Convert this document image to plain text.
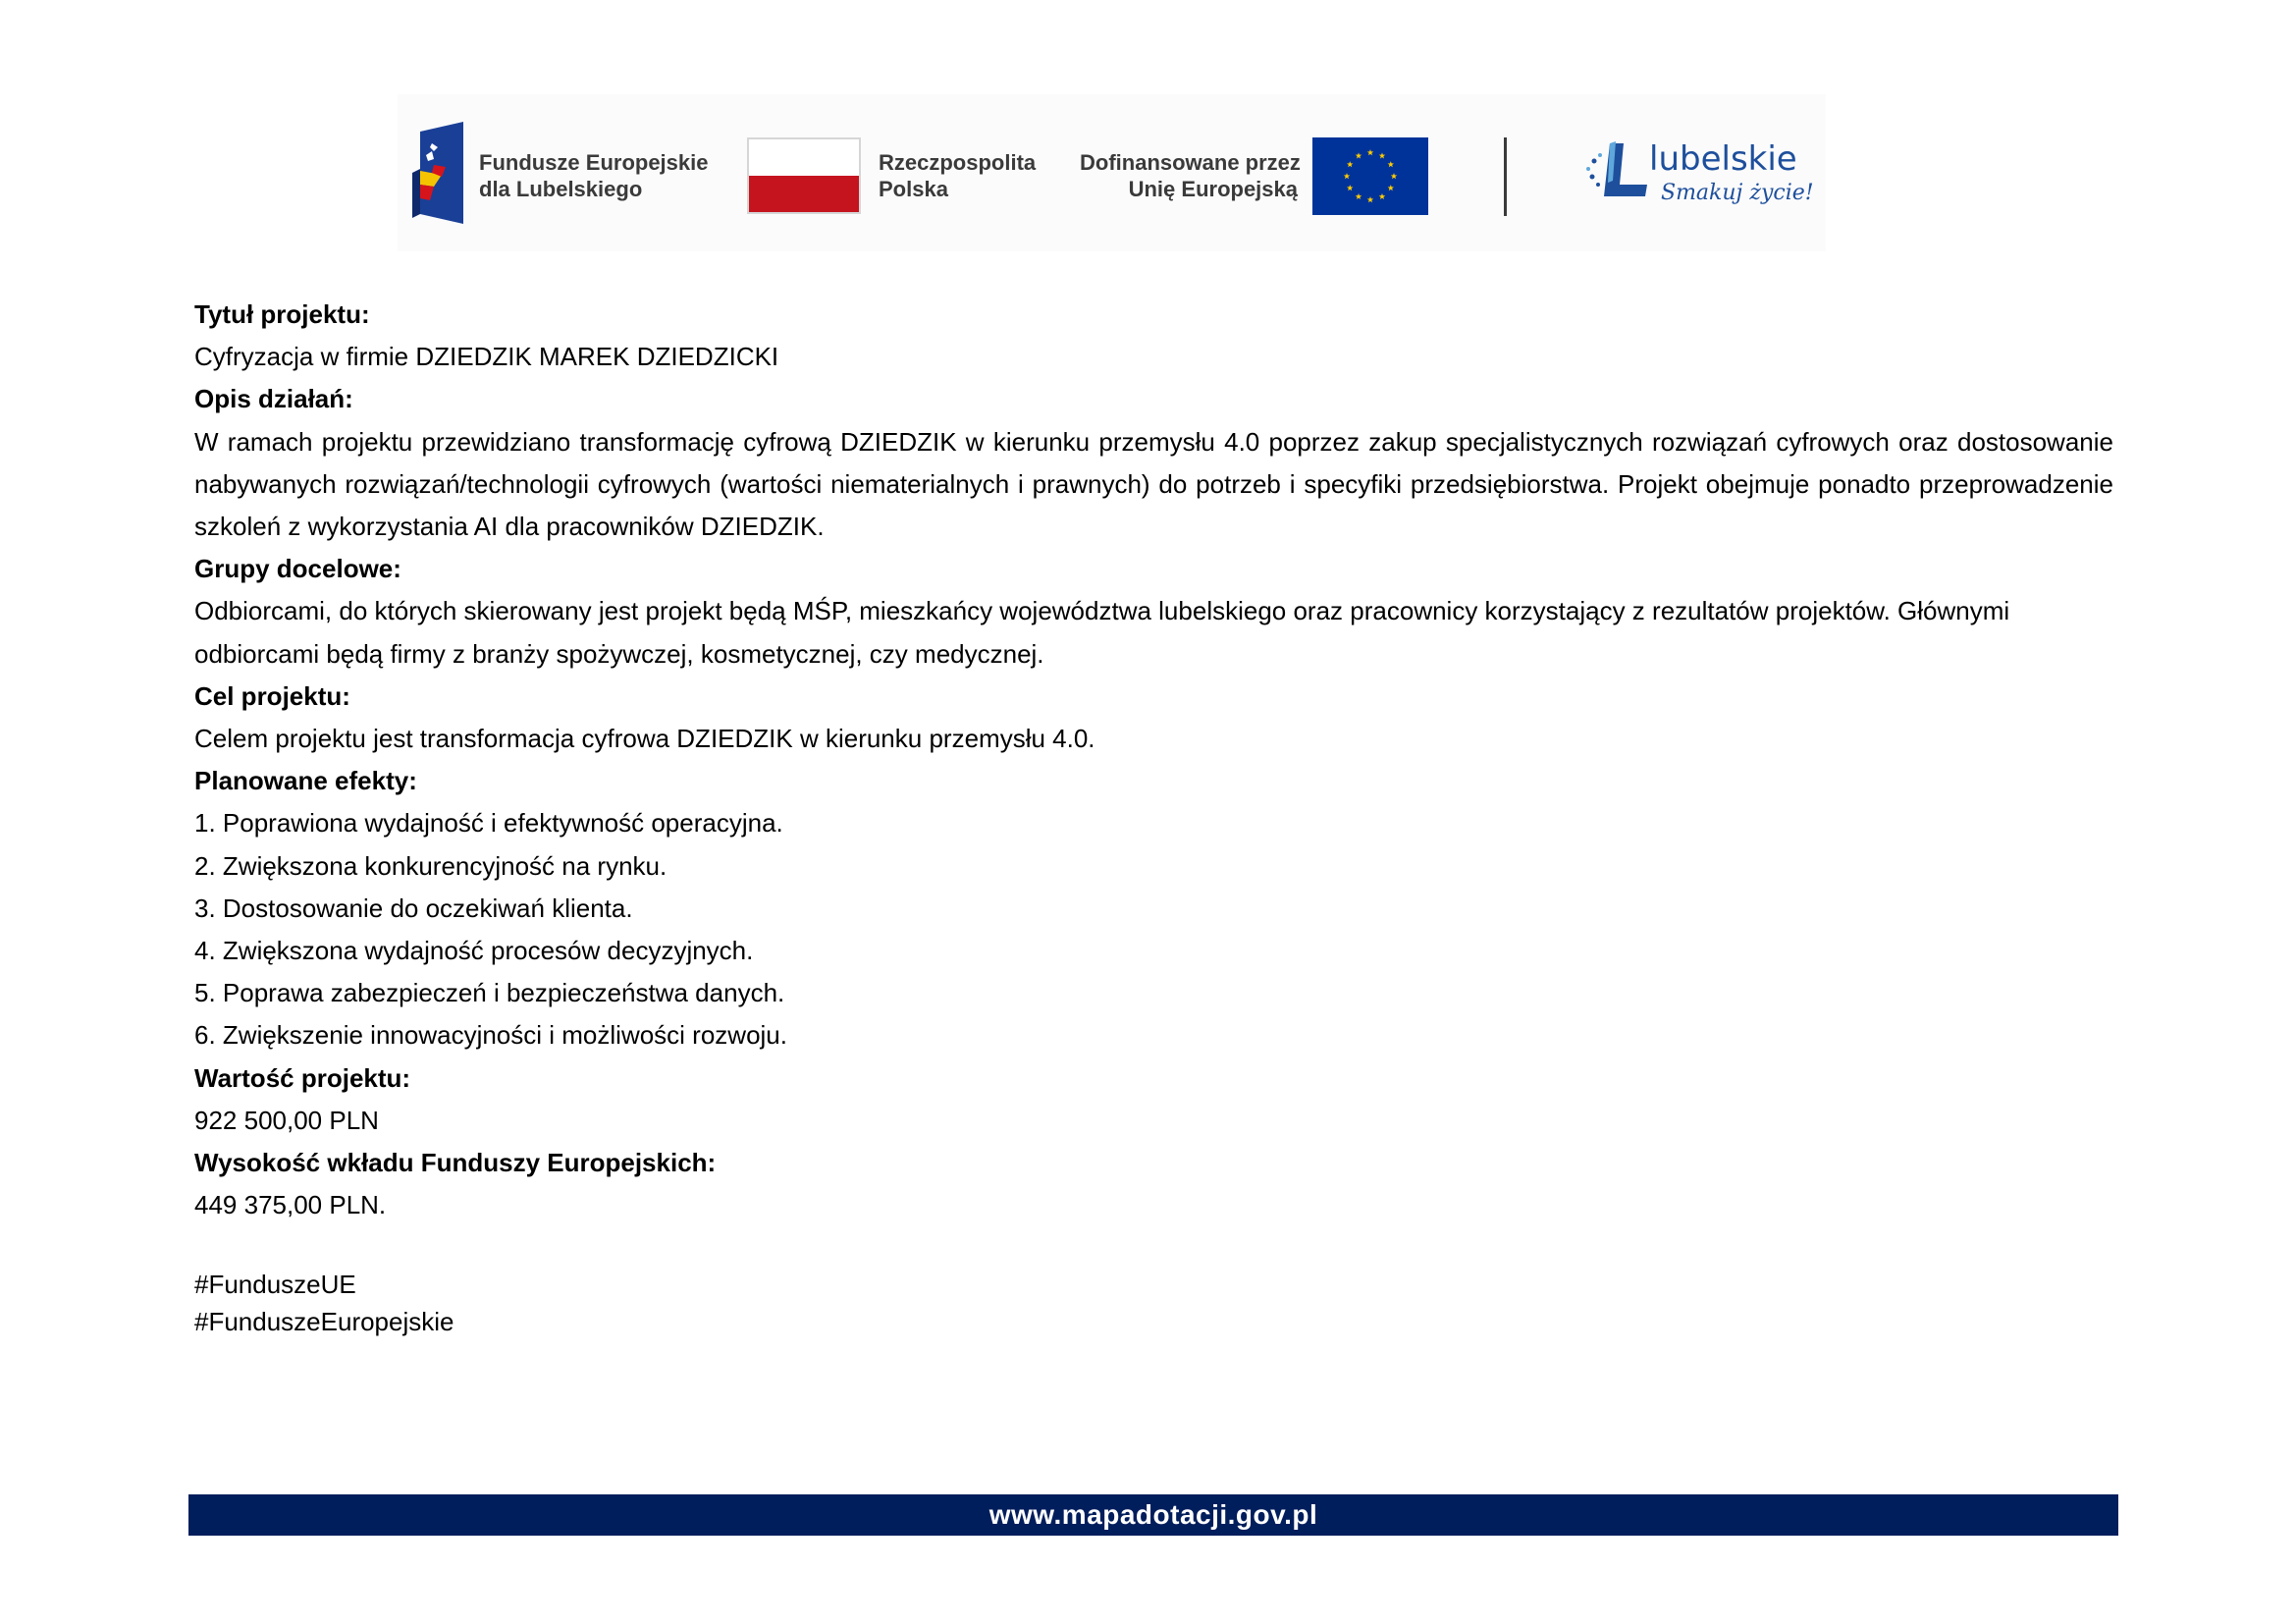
Fundusze Europejskie
dla Lubelskiego
Rzeczpospolita
Polska
Dofinansowane przez
Unię Europejską
lubelskie
Smakuj życie!

Tytuł projektu:

Cyfryzacja w firmie DZIEDZIK MAREK DZIEDZICKI

Opis działań:

W ramach projektu przewidziano transformację cyfrową DZIEDZIK w kierunku przemysłu 4.0 poprzez zakup specjalistycznych rozwiązań cyfrowych oraz dostosowanie nabywanych rozwiązań/technologii cyfrowych (wartości niematerialnych i prawnych) do potrzeb i specyfiki przedsiębiorstwa. Projekt obejmuje ponadto przeprowadzenie szkoleń z wykorzystania AI dla pracowników DZIEDZIK.

Grupy docelowe:

Odbiorcami, do których skierowany jest projekt będą MŚP, mieszkańcy województwa lubelskiego oraz pracownicy korzystający z rezultatów projektów. Głównymi odbiorcami będą firmy z branży spożywczej, kosmetycznej, czy medycznej.

Cel projektu:

Celem projektu jest transformacja cyfrowa DZIEDZIK w kierunku przemysłu 4.0.

Planowane efekty:

1. Poprawiona wydajność i efektywność operacyjna.

2. Zwiększona konkurencyjność na rynku.

3. Dostosowanie do oczekiwań klienta.

4. Zwiększona wydajność procesów decyzyjnych.

5. Poprawa zabezpieczeń i bezpieczeństwa danych.

6. Zwiększenie innowacyjności i możliwości rozwoju.

Wartość projektu:

922 500,00 PLN

Wysokość wkładu Funduszy Europejskich:

449 375,00 PLN.

#FunduszeUE
#FunduszeEuropejskie
www.mapadotacji.gov.pl
